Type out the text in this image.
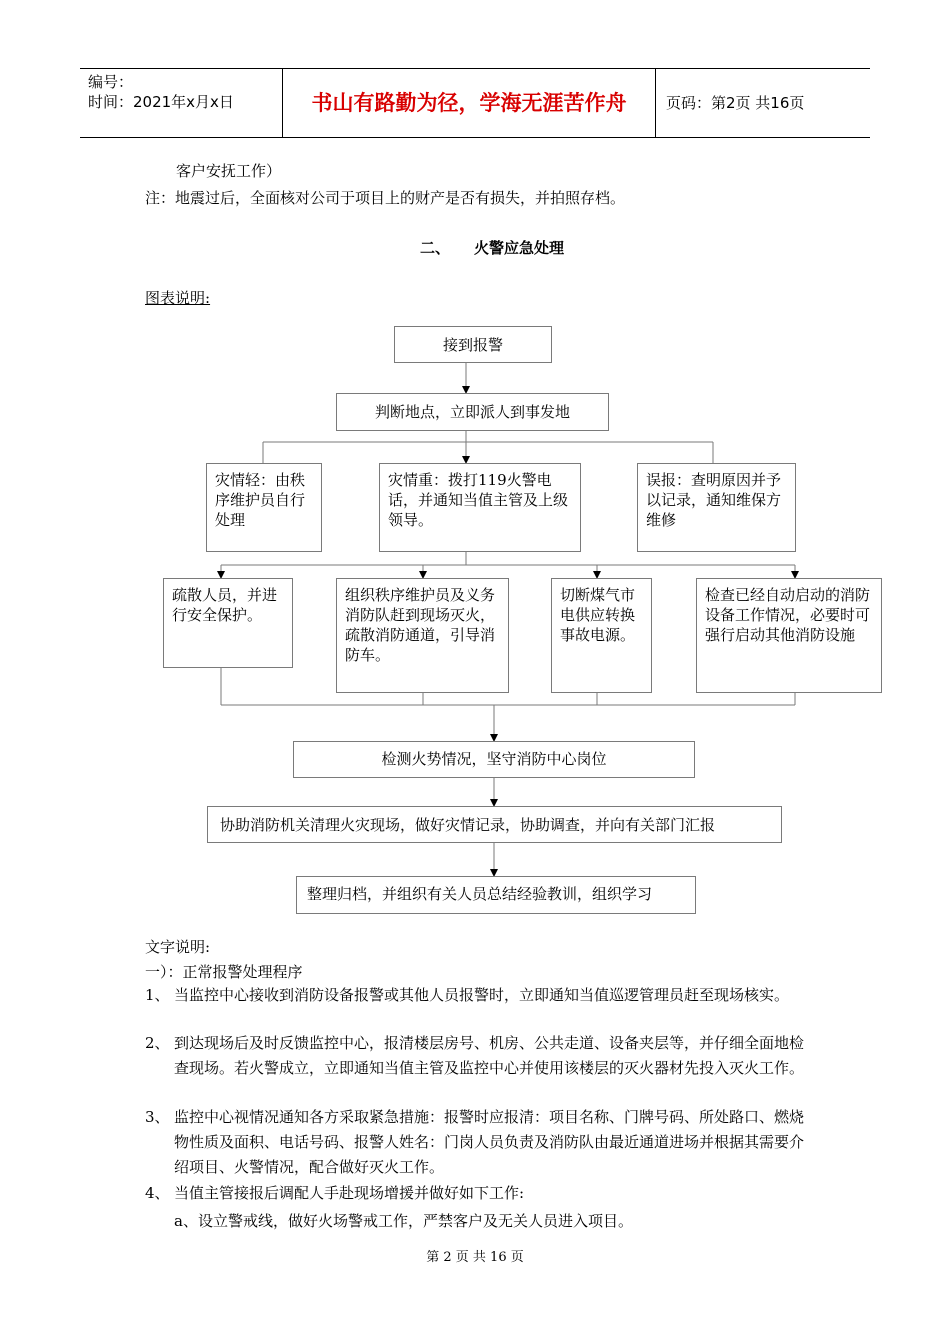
编号：
时间：2021年x月x日	书山有路勤为径，学海无涯苦作舟	页码：第2页 共16页
客户安抚工作）
注：地震过后，全面核对公司于项目上的财产是否有损失，并拍照存档。
二、 火警应急处理
图表说明:
接到报警
判断地点，立即派人到事发地
灾情轻：由秩序维护员自行处理
灾情重：拨打119火警电话，并通知当值主管及上级领导。
误报：查明原因并予以记录，通知维保方维修
疏散人员，并进行安全保护。
组织秩序维护员及义务消防队赶到现场灭火，疏散消防通道，引导消防车。
切断煤气市电供应转换事故电源。
检查已经自动启动的消防设备工作情况，必要时可强行启动其他消防设施
检测火势情况，坚守消防中心岗位
协助消防机关清理火灾现场，做好灾情记录，协助调查，并向有关部门汇报
整理归档，并组织有关人员总结经验教训，组织学习
文字说明:
一）：正常报警处理程序
1、 当监控中心接收到消防设备报警或其他人员报警时，立即通知当值巡逻管理员赶至现场核实。
2、 到达现场后及时反馈监控中心，报清楼层房号、机房、公共走道、设备夹层等，并仔细全面地检查现场。若火警成立，立即通知当值主管及监控中心并使用该楼层的灭火器材先投入灭火工作。
3、 监控中心视情况通知各方采取紧急措施：报警时应报清：项目名称、门牌号码、所处路口、燃烧物性质及面积、电话号码、报警人姓名：门岗人员负责及消防队由最近通道进场并根据其需要介绍项目、火警情况，配合做好灭火工作。
4、 当值主管接报后调配人手赴现场增援并做好如下工作:
a、设立警戒线，做好火场警戒工作，严禁客户及无关人员进入项目。
第 2 页 共 16 页
